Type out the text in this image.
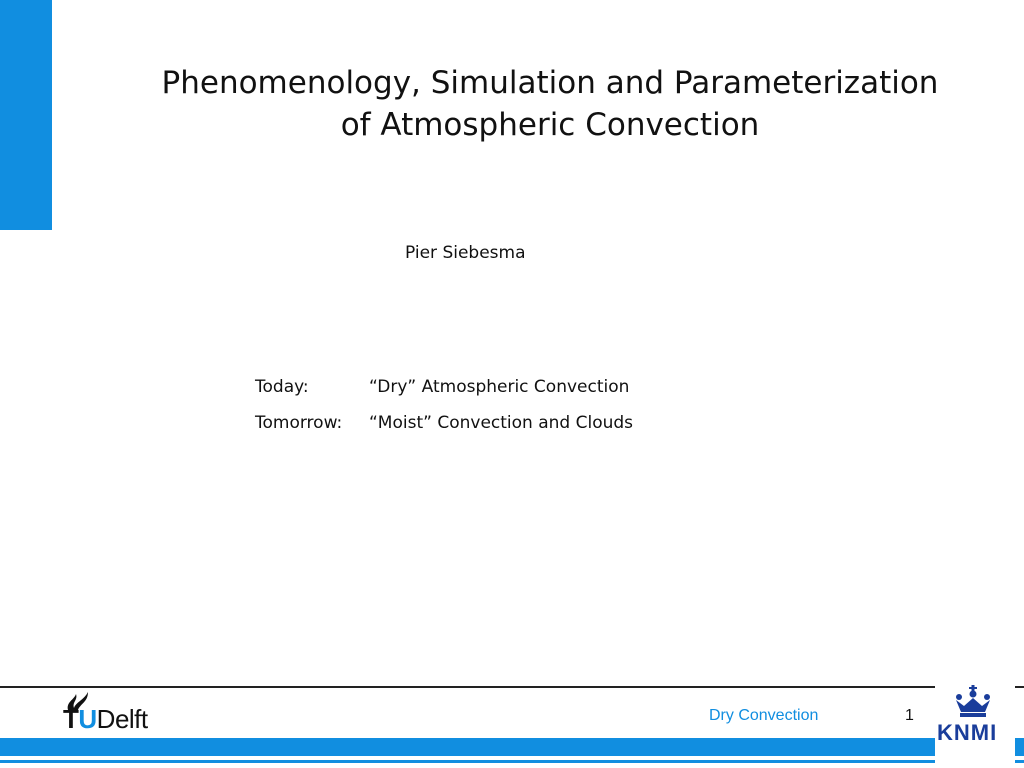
Phenomenology, Simulation and Parameterization
of Atmospheric Convection
Pier Siebesma
Today:	“Dry” Atmospheric Convection
Tomorrow:	“Moist” Convection and Clouds
TUDelft	Dry Convection	1
KNMI
